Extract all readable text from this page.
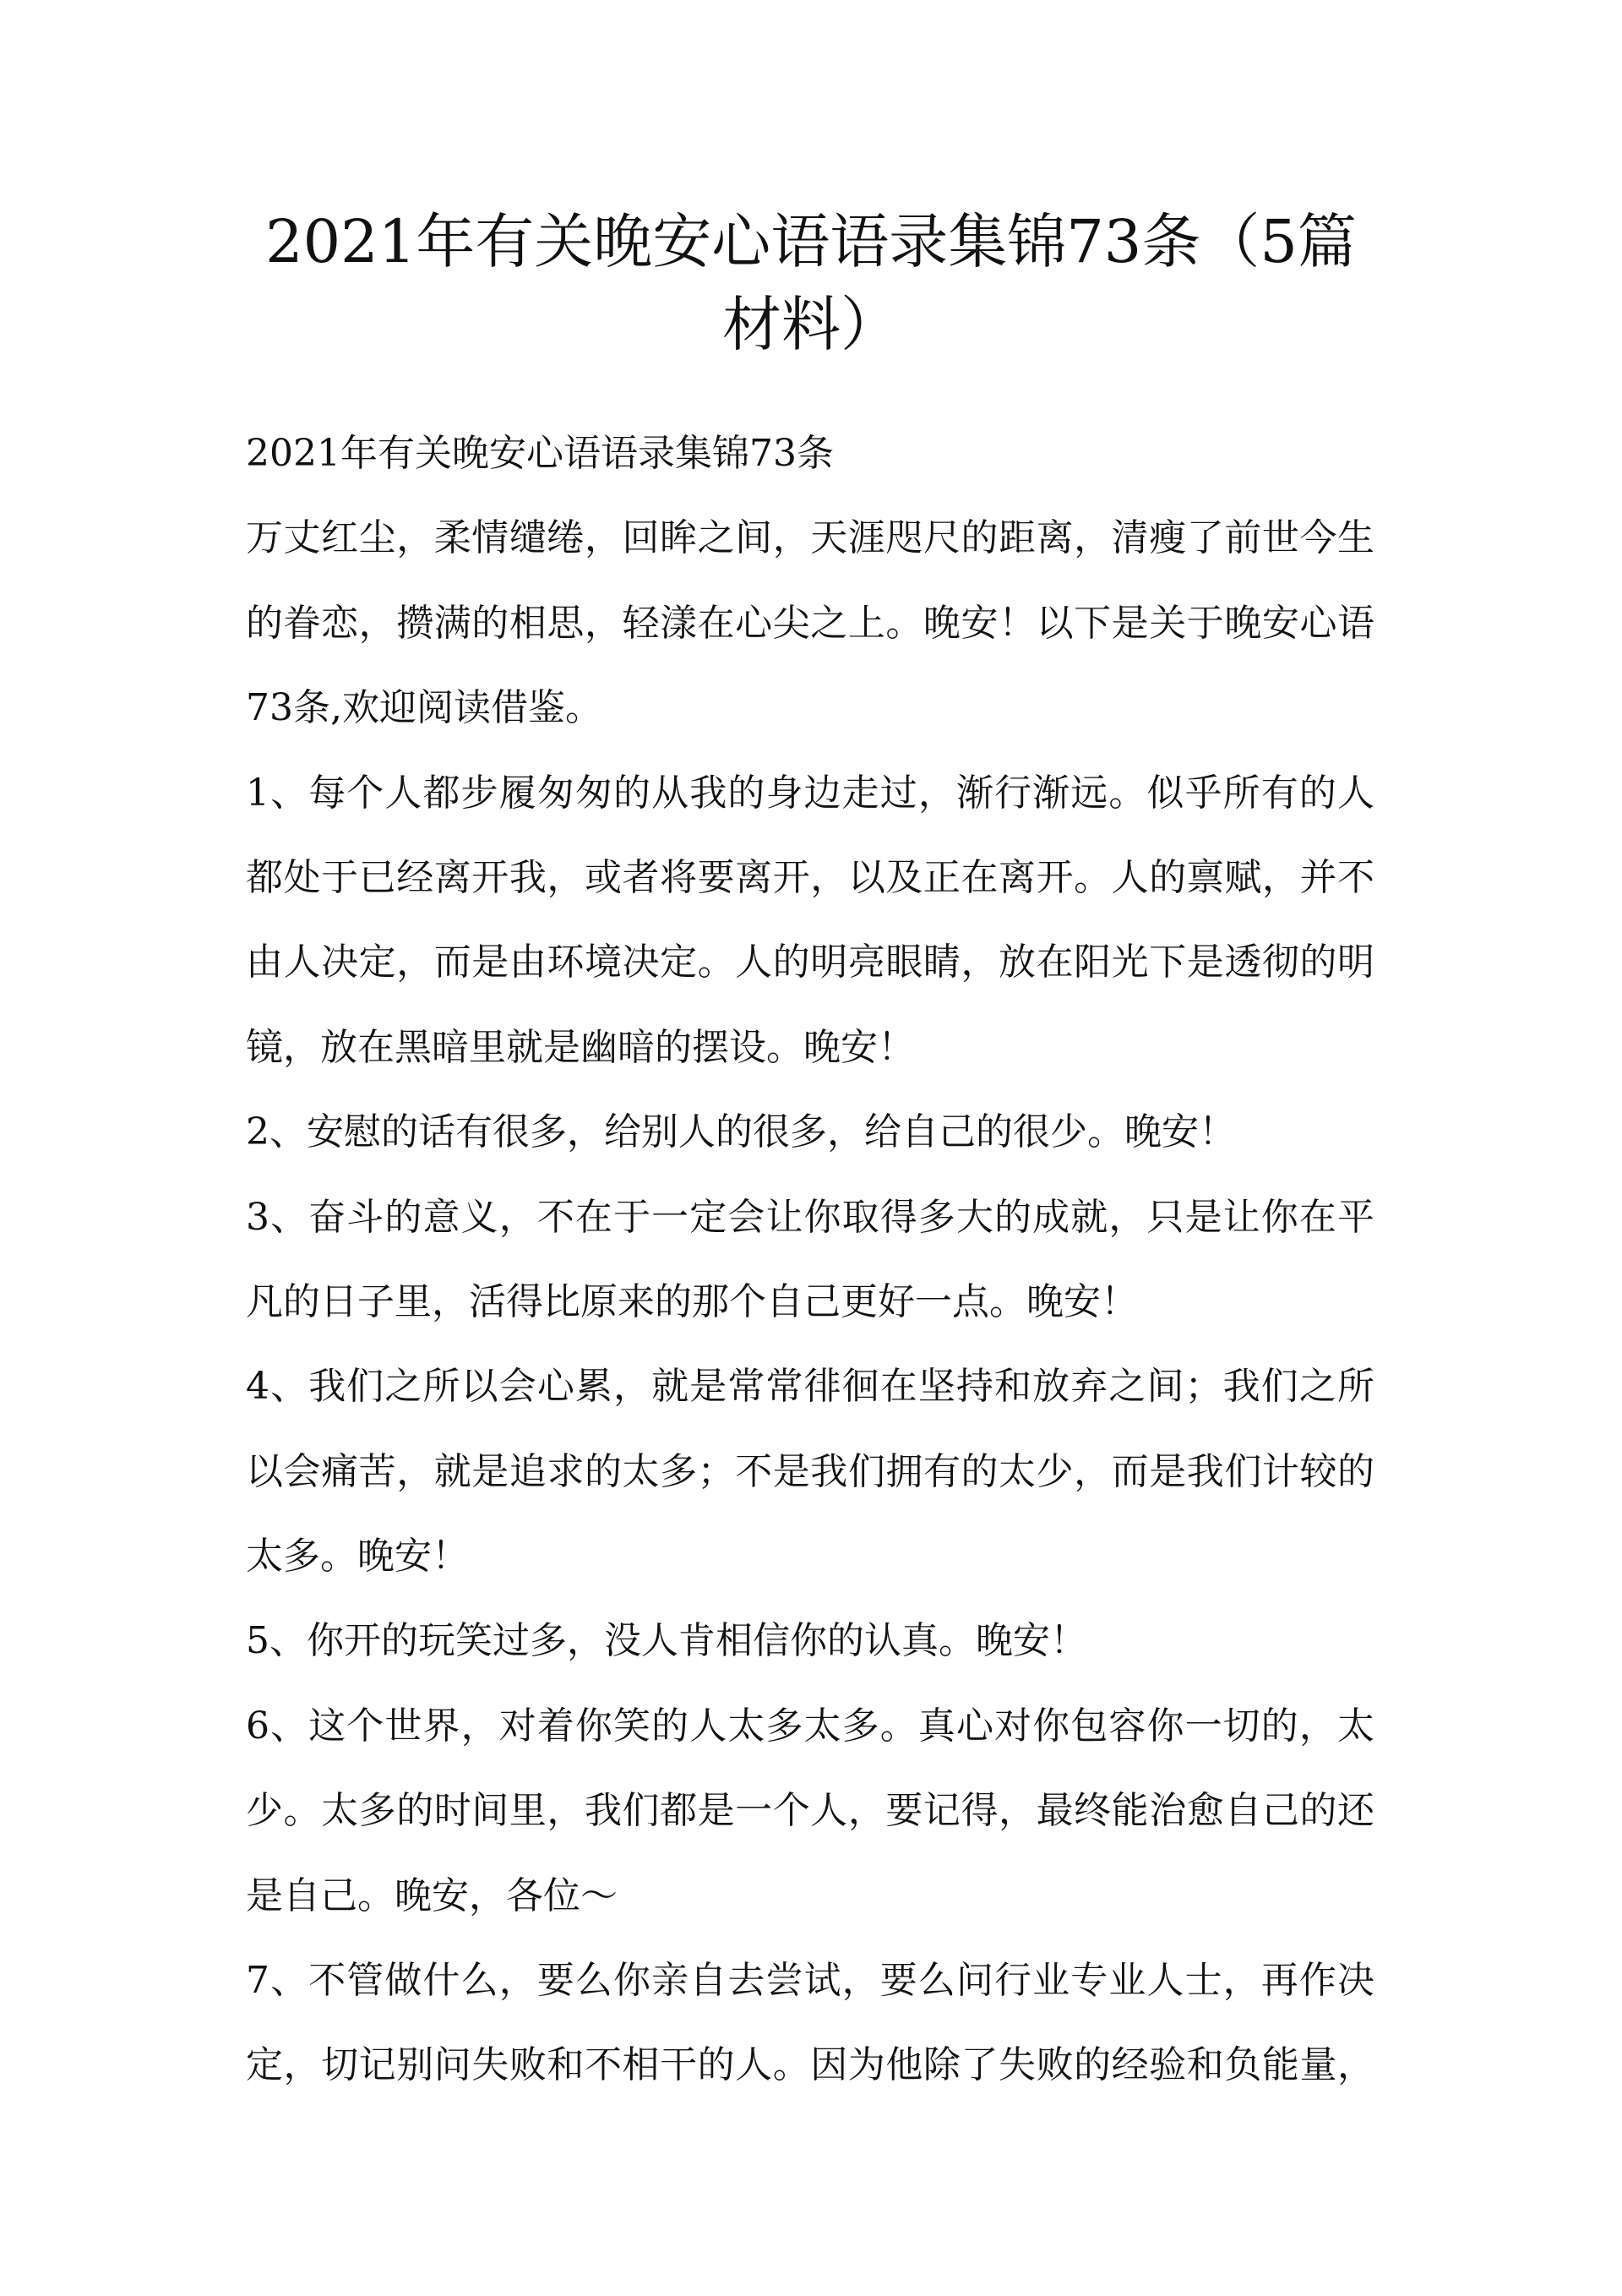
2021年有关晚安心语语录集锦73条（5篇
材料）
2021年有关晚安心语语录集锦73条
万丈红尘，柔情缱绻，回眸之间，天涯咫尺的距离，清瘦了前世今生
的眷恋，攒满的相思，轻漾在心尖之上。晚安！以下是关于晚安心语
73条,欢迎阅读借鉴。
1、每个人都步履匆匆的从我的身边走过，渐行渐远。似乎所有的人
都处于已经离开我，或者将要离开，以及正在离开。人的禀赋，并不
由人决定，而是由环境决定。人的明亮眼睛，放在阳光下是透彻的明
镜，放在黑暗里就是幽暗的摆设。晚安！
2、安慰的话有很多，给别人的很多，给自己的很少。晚安！
3、奋斗的意义，不在于一定会让你取得多大的成就，只是让你在平
凡的日子里，活得比原来的那个自己更好一点。晚安！
4、我们之所以会心累，就是常常徘徊在坚持和放弃之间；我们之所
以会痛苦，就是追求的太多；不是我们拥有的太少，而是我们计较的
太多。晚安！
5、你开的玩笑过多，没人肯相信你的认真。晚安！
6、这个世界，对着你笑的人太多太多。真心对你包容你一切的，太
少。太多的时间里，我们都是一个人，要记得，最终能治愈自己的还
是自己。晚安，各位～
7、不管做什么，要么你亲自去尝试，要么问行业专业人士，再作决
定，切记别问失败和不相干的人。因为他除了失败的经验和负能量，
